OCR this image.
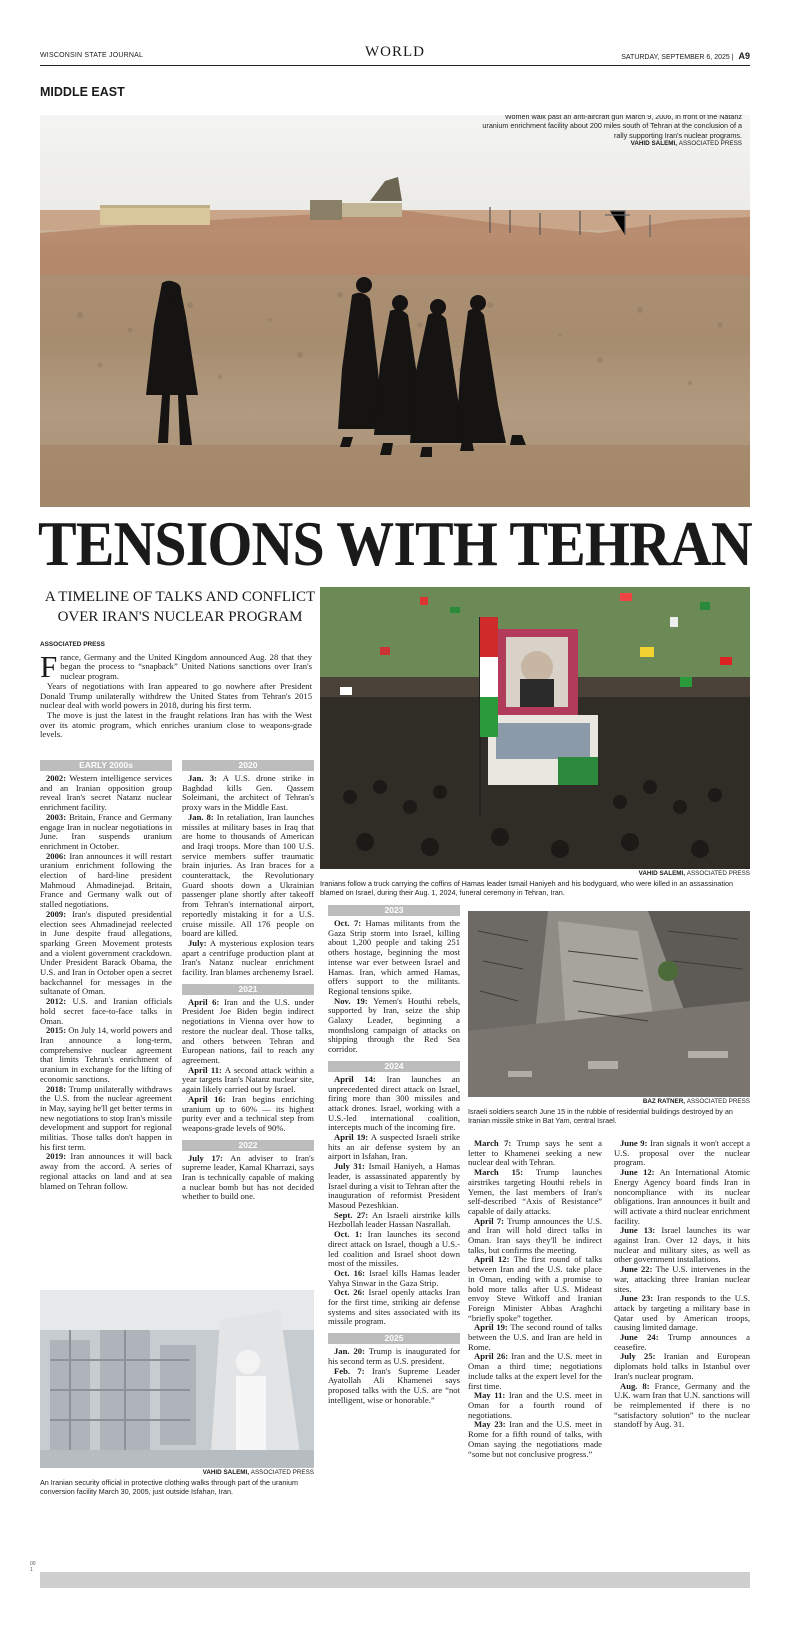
WISCONSIN STATE JOURNAL	WORLD	SATURDAY, SEPTEMBER 6, 2025 | A9
MIDDLE EAST
Women walk past an anti-aircraft gun March 9, 2006, in front of the Natanz uranium enrichment facility about 200 miles south of Tehran at the conclusion of a rally supporting Iran's nuclear programs.
VAHID SALEMI, ASSOCIATED PRESS
TENSIONS WITH TEHRAN
A TIMELINE OF TALKS AND CONFLICT OVER IRAN'S NUCLEAR PROGRAM
ASSOCIATED PRESS

France, Germany and the United Kingdom announced Aug. 28 that they began the process to “snapback” United Nations sanctions over Iran's nuclear program.

Years of negotiations with Iran appeared to go nowhere after President Donald Trump unilaterally withdrew the United States from Tehran's 2015 nuclear deal with world powers in 2018, during his first term.

The move is just the latest in the fraught relations Iran has with the West over its atomic program, which enriches uranium close to weapons-grade levels.

VAHID SALEMI, ASSOCIATED PRESS
Iranians follow a truck carrying the coffins of Hamas leader Ismail Haniyeh and his bodyguard, who were killed in an assassination blamed on Israel, during their Aug. 1, 2024, funeral ceremony in Tehran, Iran.
BAZ RATNER, ASSOCIATED PRESS
Israeli soldiers search June 15 in the rubble of residential buildings destroyed by an Iranian missile strike in Bat Yam, central Israel.
VAHID SALEMI, ASSOCIATED PRESS
An Iranian security official in protective clothing walks through part of the uranium conversion facility March 30, 2005, just outside Isfahan, Iran.
EARLY 2000s

2002: Western intelligence services and an Iranian opposition group reveal Iran's secret Natanz nuclear enrichment facility.

2003: Britain, France and Germany engage Iran in nuclear negotiations in June. Iran suspends uranium enrichment in October.

2006: Iran announces it will restart uranium enrichment following the election of hard-line president Mahmoud Ahmadinejad. Britain, France and Germany walk out of stalled negotiations.

2009: Iran's disputed presidential election sees Ahmadinejad reelected in June despite fraud allegations, sparking Green Movement protests and a violent government crackdown. Under President Barack Obama, the U.S. and Iran in October open a secret backchannel for messages in the sultanate of Oman.

2012: U.S. and Iranian officials hold secret face-to-face talks in Oman.

2015: On July 14, world powers and Iran announce a long-term, comprehensive nuclear agreement that limits Tehran's enrichment of uranium in exchange for the lifting of economic sanctions.

2018: Trump unilaterally withdraws the U.S. from the nuclear agreement in May, saying he'll get better terms in new negotiations to stop Iran's missile development and support for regional militias. Those talks don't happen in his first term.

2019: Iran announces it will back away from the accord. A series of regional attacks on land and at sea blamed on Tehran follow.

2020

Jan. 3: A U.S. drone strike in Baghdad kills Gen. Qassem Soleimani, the architect of Tehran's proxy wars in the Middle East.

Jan. 8: In retaliation, Iran launches missiles at military bases in Iraq that are home to thousands of American and Iraqi troops. More than 100 U.S. service members suffer traumatic brain injuries. As Iran braces for a counterattack, the Revolutionary Guard shoots down a Ukrainian passenger plane shortly after takeoff from Tehran's international airport, reportedly mistaking it for a U.S. cruise missile. All 176 people on board are killed.

July: A mysterious explosion tears apart a centrifuge production plant at Iran's Natanz nuclear enrichment facility. Iran blames archenemy Israel.

2021

April 6: Iran and the U.S. under President Joe Biden begin indirect negotiations in Vienna over how to restore the nuclear deal. Those talks, and others between Tehran and European nations, fail to reach any agreement.

April 11: A second attack within a year targets Iran's Natanz nuclear site, again likely carried out by Israel.

April 16: Iran begins enriching uranium up to 60% — its highest purity ever and a technical step from weapons-grade levels of 90%.

2022

July 17: An adviser to Iran's supreme leader, Kamal Kharrazi, says Iran is technically capable of making a nuclear bomb but has not decided whether to build one.

2023

Oct. 7: Hamas militants from the Gaza Strip storm into Israel, killing about 1,200 people and taking 251 others hostage, beginning the most intense war ever between Israel and Hamas. Iran, which armed Hamas, offers support to the militants. Regional tensions spike.

Nov. 19: Yemen's Houthi rebels, supported by Iran, seize the ship Galaxy Leader, beginning a monthslong campaign of attacks on shipping through the Red Sea corridor.

2024

April 14: Iran launches an unprecedented direct attack on Israel, firing more than 300 missiles and attack drones. Israel, working with a U.S.-led international coalition, intercepts much of the incoming fire.

April 19: A suspected Israeli strike hits an air defense system by an airport in Isfahan, Iran.

July 31: Ismail Haniyeh, a Hamas leader, is assassinated apparently by Israel during a visit to Tehran after the inauguration of reformist President Masoud Pezeshkian.

Sept. 27: An Israeli airstrike kills Hezbollah leader Hassan Nasrallah.

Oct. 1: Iran launches its second direct attack on Israel, though a U.S.-led coalition and Israel shoot down most of the missiles.

Oct. 16: Israel kills Hamas leader Yahya Sinwar in the Gaza Strip.

Oct. 26: Israel openly attacks Iran for the first time, striking air defense systems and sites associated with its missile program.

2025

Jan. 20: Trump is inaugurated for his second term as U.S. president.

Feb. 7: Iran's Supreme Leader Ayatollah Ali Khamenei says proposed talks with the U.S. are “not intelligent, wise or honorable.”

March 7: Trump says he sent a letter to Khamenei seeking a new nuclear deal with Tehran.

March 15: Trump launches airstrikes targeting Houthi rebels in Yemen, the last members of Iran's self-described “Axis of Resistance” capable of daily attacks.

April 7: Trump announces the U.S. and Iran will hold direct talks in Oman. Iran says they'll be indirect talks, but confirms the meeting.

April 12: The first round of talks between Iran and the U.S. take place in Oman, ending with a promise to hold more talks after U.S. Mideast envoy Steve Witkoff and Iranian Foreign Minister Abbas Araghchi “briefly spoke” together.

April 19: The second round of talks between the U.S. and Iran are held in Rome.

April 26: Iran and the U.S. meet in Oman a third time; negotiations include talks at the expert level for the first time.

May 11: Iran and the U.S. meet in Oman for a fourth round of negotiations.

May 23: Iran and the U.S. meet in Rome for a fifth round of talks, with Oman saying the negotiations made “some but not conclusive progress.”

June 9: Iran signals it won't accept a U.S. proposal over the nuclear program.

June 12: An International Atomic Energy Agency board finds Iran in noncompliance with its nuclear obligations. Iran announces it built and will activate a third nuclear enrichment facility.

June 13: Israel launches its war against Iran. Over 12 days, it hits nuclear and military sites, as well as other government installations.

June 22: The U.S. intervenes in the war, attacking three Iranian nuclear sites.

June 23: Iran responds to the U.S. attack by targeting a military base in Qatar used by American troops, causing limited damage.

June 24: Trump announces a ceasefire.

July 25: Iranian and European diplomats hold talks in Istanbul over Iran's nuclear program.

Aug. 8: France, Germany and the U.K. warn Iran that U.N. sanctions will be reimplemented if there is no “satisfactory solution” to the nuclear standoff by Aug. 31.

00
1
